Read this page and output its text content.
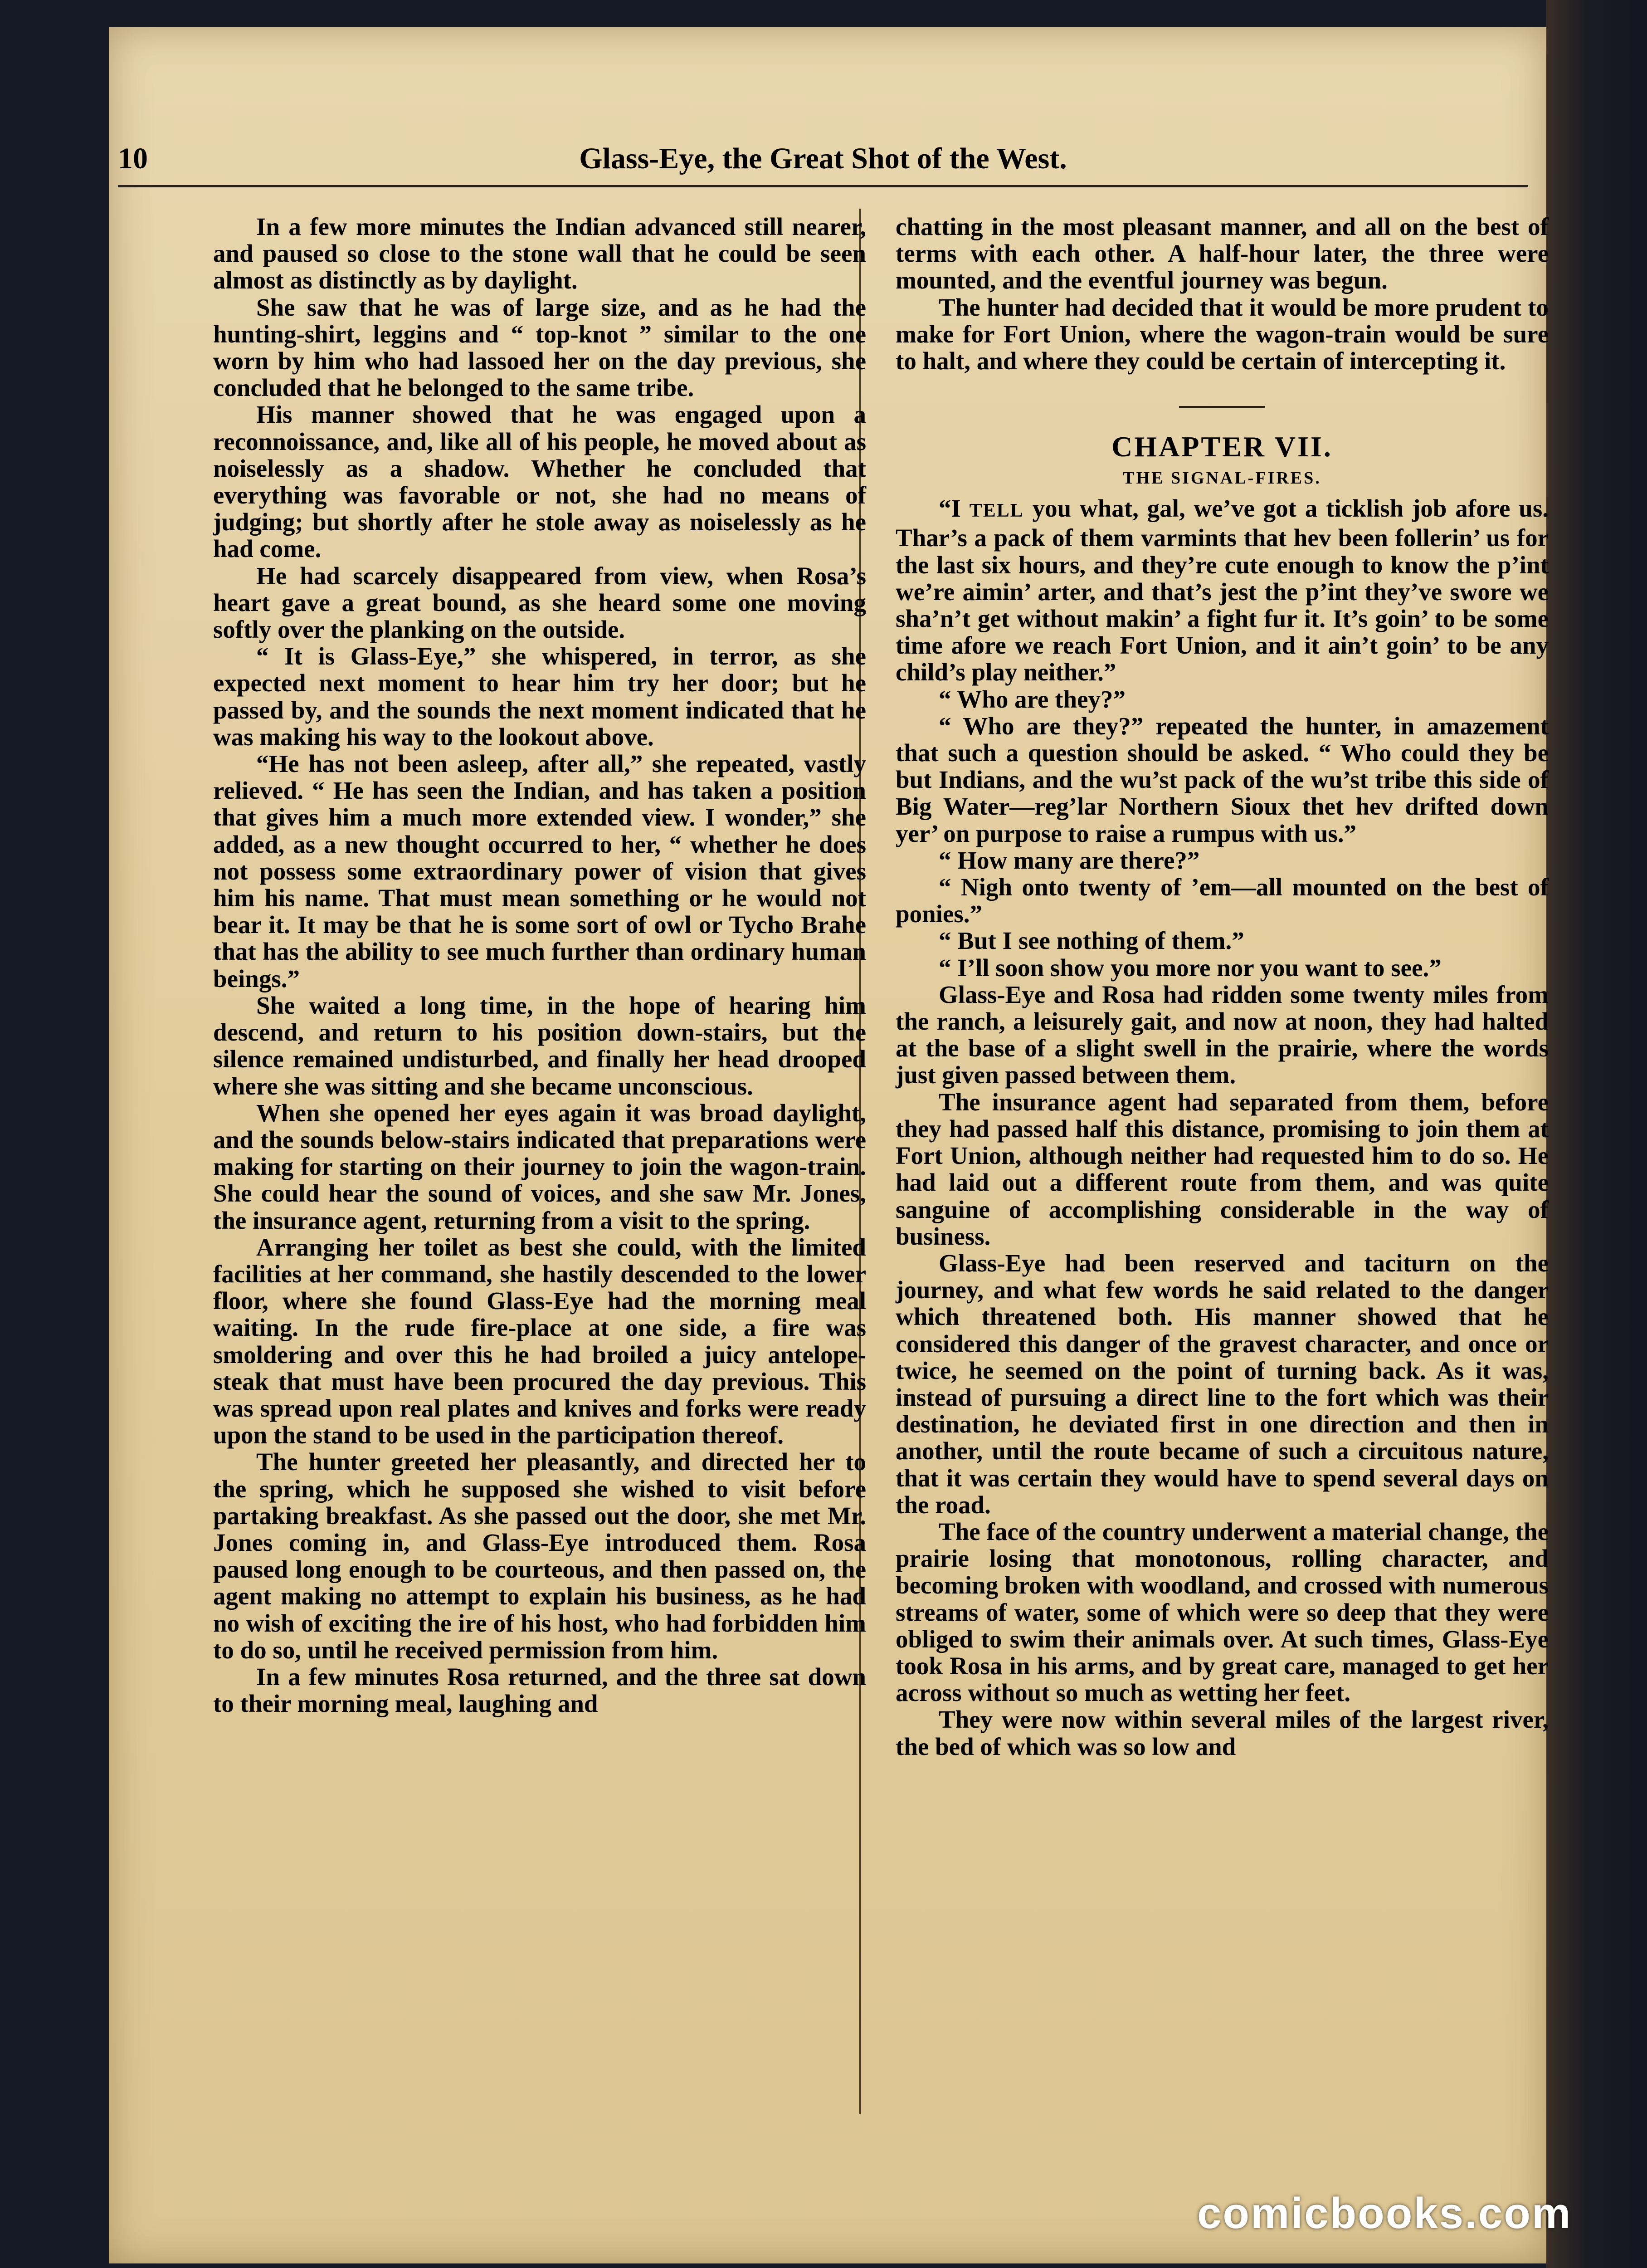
10	Glass-Eye, the Great Shot of the West.

In a few more minutes the Indian advanced still nearer, and paused so close to the stone wall that he could be seen almost as distinctly as by daylight.

She saw that he was of large size, and as he had the hunting-shirt, leggins and “ top-knot ” similar to the one worn by him who had lassoed her on the day previous, she concluded that he belonged to the same tribe.

His manner showed that he was engaged upon a reconnoissance, and, like all of his people, he moved about as noiselessly as a shadow. Whether he concluded that everything was favorable or not, she had no means of judging; but shortly after he stole away as noiselessly as he had come.

He had scarcely disappeared from view, when Rosa’s heart gave a great bound, as she heard some one moving softly over the planking on the outside.

“ It is Glass-Eye,” she whispered, in terror, as she expected next moment to hear him try her door; but he passed by, and the sounds the next moment indicated that he was making his way to the lookout above.

“He has not been asleep, after all,” she repeated, vastly relieved. “ He has seen the Indian, and has taken a position that gives him a much more extended view. I wonder,” she added, as a new thought occurred to her, “ whether he does not possess some extraordinary power of vision that gives him his name. That must mean something or he would not bear it. It may be that he is some sort of owl or Tycho Brahe that has the ability to see much further than ordinary human beings.”

She waited a long time, in the hope of hearing him descend, and return to his position down-stairs, but the silence remained undisturbed, and finally her head drooped where she was sitting and she became unconscious.

When she opened her eyes again it was broad daylight, and the sounds below-stairs indicated that preparations were making for starting on their journey to join the wagon-train. She could hear the sound of voices, and she saw Mr. Jones, the insurance agent, returning from a visit to the spring.

Arranging her toilet as best she could, with the limited facilities at her command, she hastily descended to the lower floor, where she found Glass-Eye had the morning meal waiting. In the rude fire-place at one side, a fire was smoldering and over this he had broiled a juicy antelope-steak that must have been procured the day previous. This was spread upon real plates and knives and forks were ready upon the stand to be used in the participation thereof.

The hunter greeted her pleasantly, and directed her to the spring, which he supposed she wished to visit before partaking breakfast. As she passed out the door, she met Mr. Jones coming in, and Glass-Eye introduced them. Rosa paused long enough to be courteous, and then passed on, the agent making no attempt to explain his business, as he had no wish of exciting the ire of his host, who had forbidden him to do so, until he received permission from him.

In a few minutes Rosa returned, and the three sat down to their morning meal, laughing and

chatting in the most pleasant manner, and all on the best of terms with each other. A half-hour later, the three were mounted, and the eventful journey was begun.

The hunter had decided that it would be more prudent to make for Fort Union, where the wagon-train would be sure to halt, and where they could be certain of intercepting it.

CHAPTER VII.
THE SIGNAL-FIRES.

“I TELL you what, gal, we’ve got a ticklish job afore us. Thar’s a pack of them varmints that hev been follerin’ us for the last six hours, and they’re cute enough to know the p’int we’re aimin’ arter, and that’s jest the p’int they’ve swore we sha’n’t get without makin’ a fight fur it. It’s goin’ to be some time afore we reach Fort Union, and it ain’t goin’ to be any child’s play neither.”

“ Who are they?”

“ Who are they?” repeated the hunter, in amazement that such a question should be asked. “ Who could they be but Indians, and the wu’st pack of the wu’st tribe this side of Big Water—reg’lar Northern Sioux thet hev drifted down yer’ on purpose to raise a rumpus with us.”

“ How many are there?”

“ Nigh onto twenty of ’em—all mounted on the best of ponies.”

“ But I see nothing of them.”

“ I’ll soon show you more nor you want to see.”

Glass-Eye and Rosa had ridden some twenty miles from the ranch, a leisurely gait, and now at noon, they had halted at the base of a slight swell in the prairie, where the words just given passed between them.

The insurance agent had separated from them, before they had passed half this distance, promising to join them at Fort Union, although neither had requested him to do so. He had laid out a different route from them, and was quite sanguine of accomplishing considerable in the way of business.

Glass-Eye had been reserved and taciturn on the journey, and what few words he said related to the danger which threatened both. His manner showed that he considered this danger of the gravest character, and once or twice, he seemed on the point of turning back. As it was, instead of pursuing a direct line to the fort which was their destination, he deviated first in one direction and then in another, until the route became of such a circuitous nature, that it was certain they would have to spend several days on the road.

The face of the country underwent a material change, the prairie losing that monotonous, rolling character, and becoming broken with woodland, and crossed with numerous streams of water, some of which were so deep that they were obliged to swim their animals over. At such times, Glass-Eye took Rosa in his arms, and by great care, managed to get her across without so much as wetting her feet.

They were now within several miles of the largest river, the bed of which was so low and

comicbooks.com
